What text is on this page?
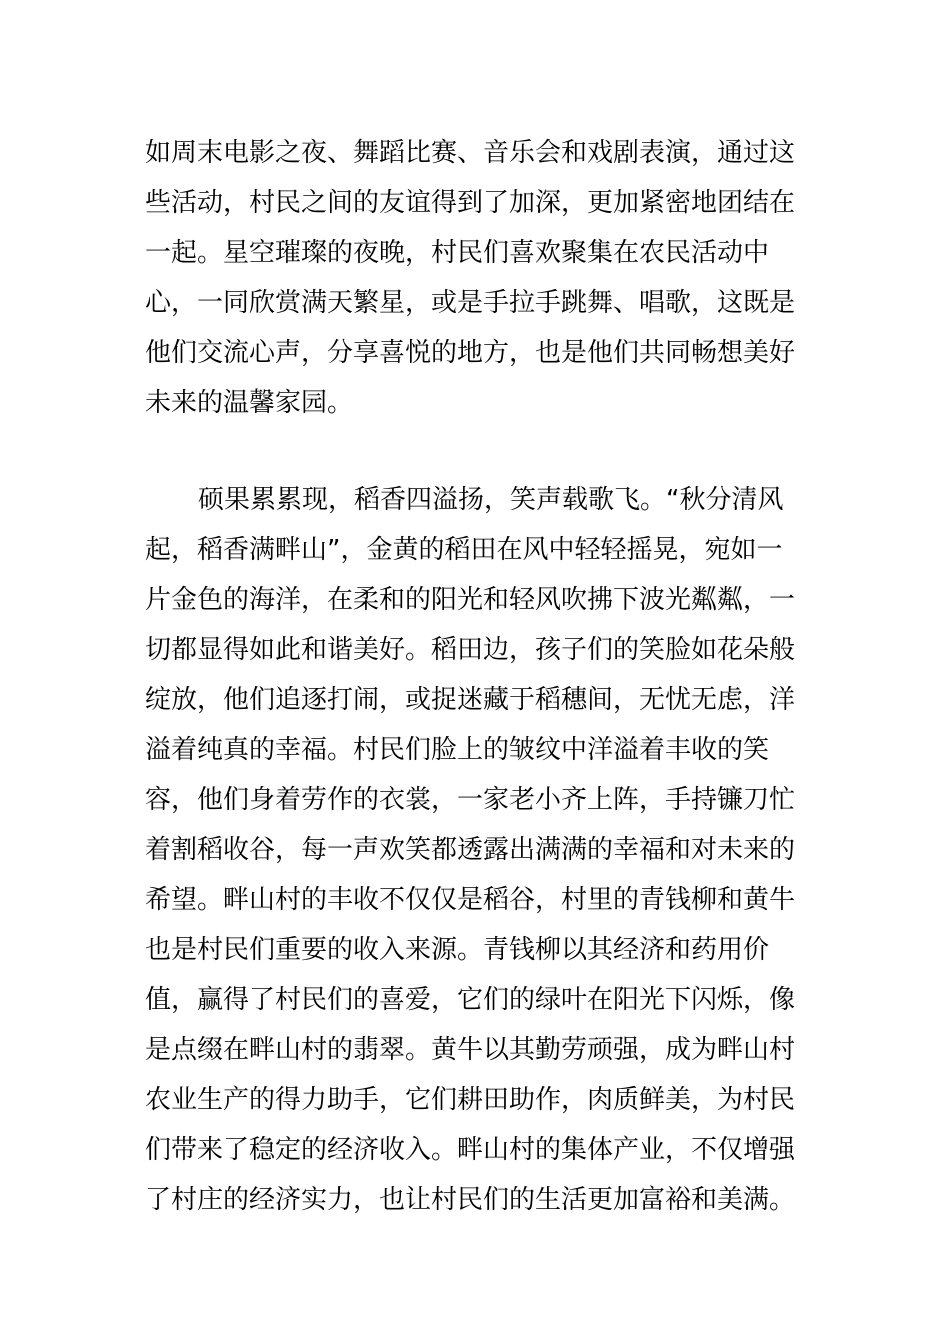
如周末电影之夜、舞蹈比赛、音乐会和戏剧表演，通过这
些活动，村民之间的友谊得到了加深，更加紧密地团结在
一起。星空璀璨的夜晚，村民们喜欢聚集在农民活动中
心，一同欣赏满天繁星，或是手拉手跳舞、唱歌，这既是
他们交流心声，分享喜悦的地方，也是他们共同畅想美好
未来的温馨家园。
硕果累累现，稻香四溢扬，笑声载歌飞。“秋分清风
起，稻香满畔山”，金黄的稻田在风中轻轻摇晃，宛如一
片金色的海洋，在柔和的阳光和轻风吹拂下波光粼粼，一
切都显得如此和谐美好。稻田边，孩子们的笑脸如花朵般
绽放，他们追逐打闹，或捉迷藏于稻穗间，无忧无虑，洋
溢着纯真的幸福。村民们脸上的皱纹中洋溢着丰收的笑
容，他们身着劳作的衣裳，一家老小齐上阵，手持镰刀忙
着割稻收谷，每一声欢笑都透露出满满的幸福和对未来的
希望。畔山村的丰收不仅仅是稻谷，村里的青钱柳和黄牛
也是村民们重要的收入来源。青钱柳以其经济和药用价
值，赢得了村民们的喜爱，它们的绿叶在阳光下闪烁，像
是点缀在畔山村的翡翠。黄牛以其勤劳顽强，成为畔山村
农业生产的得力助手，它们耕田助作，肉质鲜美，为村民
们带来了稳定的经济收入。畔山村的集体产业，不仅增强
了村庄的经济实力，也让村民们的生活更加富裕和美满。
